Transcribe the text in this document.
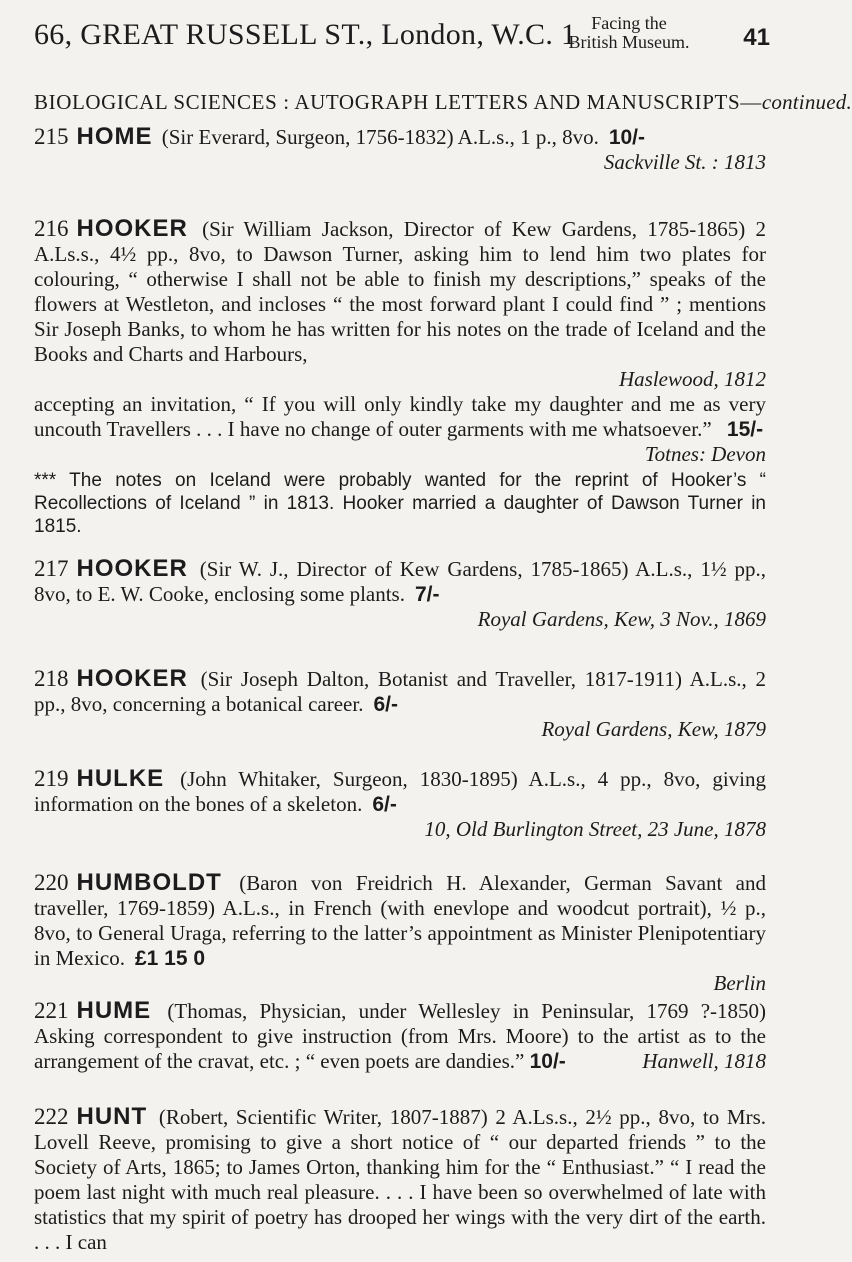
66, GREAT RUSSELL ST., London, W.C. 1 Facing the
British Museum.	41
BIOLOGICAL SCIENCES : AUTOGRAPH LETTERS AND MANUSCRIPTS—continued.
215 HOME (Sir Everard, Surgeon, 1756-1832) A.L.s., 1 p., 8vo. 10/-
Sackville St. : 1813
216 HOOKER (Sir William Jackson, Director of Kew Gardens, 1785-1865) 2 A.Ls.s., 4½ pp., 8vo, to Dawson Turner, asking him to lend him two plates for colouring, “ otherwise I shall not be able to finish my descriptions,” speaks of the flowers at Westleton, and incloses “ the most forward plant I could find ” ; mentions Sir Joseph Banks, to whom he has written for his notes on the trade of Iceland and the Books and Charts and Harbours,
Haslewood, 1812
accepting an invitation, “ If you will only kindly take my daughter and me as very uncouth Travellers . . . I have no change of outer garments with me whatsoever.” 15/-
Totnes: Devon
*** The notes on Iceland were probably wanted for the reprint of Hooker’s “ Recollections of Iceland ” in 1813. Hooker married a daughter of Dawson Turner in 1815.
217 HOOKER (Sir W. J., Director of Kew Gardens, 1785-1865) A.L.s., 1½ pp., 8vo, to E. W. Cooke, enclosing some plants. 7/-
Royal Gardens, Kew, 3 Nov., 1869
218 HOOKER (Sir Joseph Dalton, Botanist and Traveller, 1817-1911) A.L.s., 2 pp., 8vo, concerning a botanical career. 6/-
Royal Gardens, Kew, 1879
219 HULKE (John Whitaker, Surgeon, 1830-1895) A.L.s., 4 pp., 8vo, giving information on the bones of a skeleton. 6/-
10, Old Burlington Street, 23 June, 1878
220 HUMBOLDT (Baron von Freidrich H. Alexander, German Savant and traveller, 1769-1859) A.L.s., in French (with enevlope and woodcut portrait), ½ p., 8vo, to General Uraga, referring to the latter’s appointment as Minister Plenipotentiary in Mexico. £1 15 0
Berlin
221 HUME (Thomas, Physician, under Wellesley in Peninsular, 1769 ?-1850) Asking correspondent to give instruction (from Mrs. Moore) to the artist as to the arrangement of the cravat, etc. ; “ even poets are dandies.” 10/-	Hanwell, 1818
222 HUNT (Robert, Scientific Writer, 1807-1887) 2 A.Ls.s., 2½ pp., 8vo, to Mrs. Lovell Reeve, promising to give a short notice of “ our departed friends ” to the Society of Arts, 1865; to James Orton, thanking him for the “ Enthusiast.” “ I read the poem last night with much real pleasure. . . . I have been so overwhelmed of late with statistics that my spirit of poetry has drooped her wings with the very dirt of the earth. . . . I can
